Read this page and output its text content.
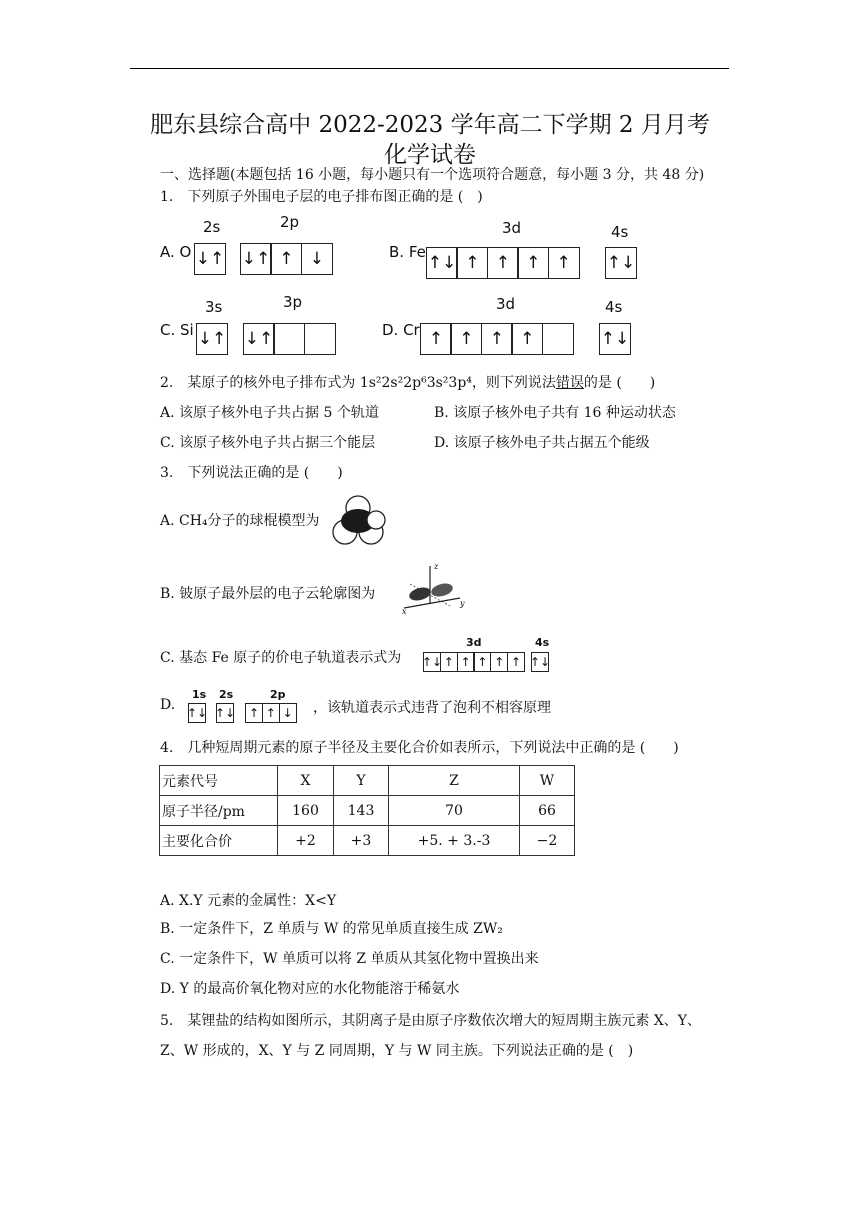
肥东县综合高中 2022-2023 学年高二下学期 2 月月考
化学试卷
一、选择题(本题包括 16 小题，每小题只有一个选项符合题意，每小题 3 分，共 48 分)
1.　下列原子外围电子层的电子排布图正确的是 (　)
A. O
2s	2p
↓↑ ↓↑ ↑ ↓	B. Fe
3d	4s
↑↓ ↑ ↑ ↑ ↑	↑↓
C. Si
3s	3p
↓↑ ↓↑	D. Cr
3d	4s
↑ ↑ ↑ ↑	↑↓
2.　某原子的核外电子排布式为 1s²2s²2p⁶3s²3p⁴，则下列说法错误的是 (　　)
A. 该原子核外电子共占据 5 个轨道	B. 该原子核外电子共有 16 种运动状态
C. 该原子核外电子共占据三个能层	D. 该原子核外电子共占据五个能级
3.　下列说法正确的是 (　　)
A. CH₄分子的球棍模型为
B. 铍原子最外层的电子云轮廓图为
z
x
y
C. 基态 Fe 原子的价电子轨道表示式为
3d	4s
↑↓ ↑ ↑ ↑ ↑ ↑ ↑↓
D.
1s 2s	2p
↑↓ ↑↓	↑ ↑ ↓ ，该轨道表示式违背了泡利不相容原理
4.　几种短周期元素的原子半径及主要化合价如表所示，下列说法中正确的是 (　　)
元素代号	X	Y	Z	W
原子半径/pm	160	143	70	66
主要化合价	+2	+3	+5. + 3.-3	−2
A. X.Y 元素的金属性：X<Y
B. 一定条件下，Z 单质与 W 的常见单质直接生成 ZW₂
C. 一定条件下，W 单质可以将 Z 单质从其氢化物中置换出来
D. Y 的最高价氧化物对应的水化物能溶于稀氨水
5.　某锂盐的结构如图所示，其阴离子是由原子序数依次增大的短周期主族元素 X、Y、
Z、W 形成的，X、Y 与 Z 同周期，Y 与 W 同主族。下列说法正确的是 (　)
